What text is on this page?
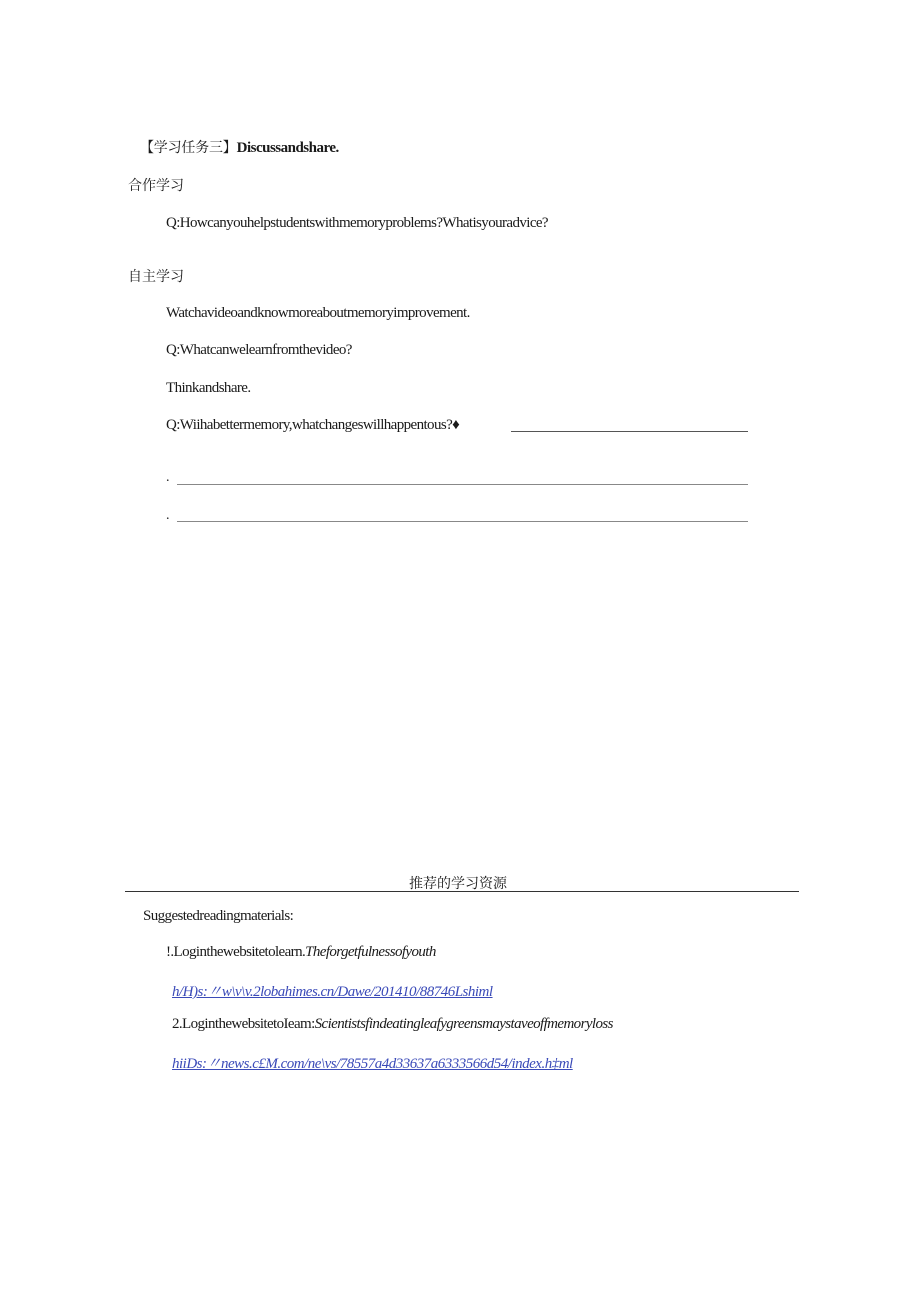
【学习任务三】Discussandshare.
合作学习
Q:Howcanyouhelpstudentswithmemoryproblems?Whatisyouradvice?
自主学习
Watchavideoandknowmoreaboutmemoryimprovement.
Q:Whatcanwelearnfromthevideo?
Thinkandshare.
Q:Wiihabettermemory,whatchangeswillhappentous?♦
.
.
推荐的学习资源
Suggestedreadingmaterials:
!.Loginthewebsitetolearn.Theforgetfulnessofyouth
h/H)s:〃w\v\v.2lobahimes.cn/Dawe/201410/88746Lshiml
2.LoginthewebsitetoIeam:Scientistsfindeatingleafygreensmaystaveoffmemoryloss
hiiDs:〃news.c£M.com/ne\vs/78557a4d33637a6333566d54/index.h‡ml
